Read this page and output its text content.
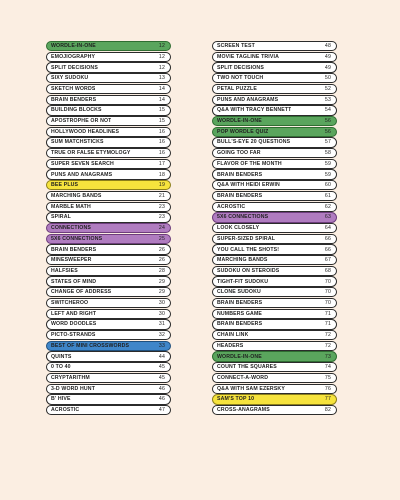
WORDLE-IN-ONE	12
EMOJIOGRAPHY	12
SPLIT DECISIONS	12
SIXY SUDOKU	13
SKETCH WORDS	14
BRAIN BENDERS	14
BUILDING BLOCKS	15
APOSTROPHE OR NOT	15
HOLLYWOOD HEADLINES	16
SUM MATCHSTICKS	16
TRUE OR FALSE ETYMOLOGY	16
SUPER SEVEN SEARCH	17
PUNS AND ANAGRAMS	18
BEE PLUS	19
MARCHING BANDS	21
MARBLE MATH	23
SPIRAL	23
CONNECTIONS	24
5X6 CONNECTIONS	25
BRAIN BENDERS	26
MINESWEEPER	26
HALFSIES	28
STATES OF MIND	29
CHANGE OF ADDRESS	29
SWITCHEROO	30
LEFT AND RIGHT	30
WORD DOODLES	31
PICTO-STRANDS	32
BEST OF MINI CROSSWORDS	33
QUINTS	44
0 TO 40	45
CRYPTARITHM	45
3-D WORD HUNT	46
B' HIVE	46
ACROSTIC	47
SCREEN TEST	48
MOVIE TAGLINE TRIVIA	49
SPLIT DECISIONS	49
TWO NOT TOUCH	50
PETAL PUZZLE	52
PUNS AND ANAGRAMS	53
Q&A WITH TRACY BENNETT	54
WORDLE-IN-ONE	56
POP WORDLE QUIZ	56
BULL'S-EYE 20 QUESTIONS	57
GOING TOO FAR	58
FLAVOR OF THE MONTH	59
BRAIN BENDERS	59
Q&A WITH HEIDI ERWIN	60
BRAIN BENDERS	61
ACROSTIC	62
5X6 CONNECTIONS	63
LOOK CLOSELY	64
SUPER-SIZED SPIRAL	66
YOU CALL THE SHOTS!	66
MARCHING BANDS	67
SUDOKU ON STEROIDS	68
TIGHT-FIT SUDOKU	70
CLONE SUDOKU	70
BRAIN BENDERS	70
NUMBERS GAME	71
BRAIN BENDERS	71
CHAIN LINK	72
HEADERS	72
WORDLE-IN-ONE	73
COUNT THE SQUARES	74
CONNECT-A-WORD	75
Q&A WITH SAM EZERSKY	76
SAM'S TOP 10	77
CROSS-ANAGRAMS	82
